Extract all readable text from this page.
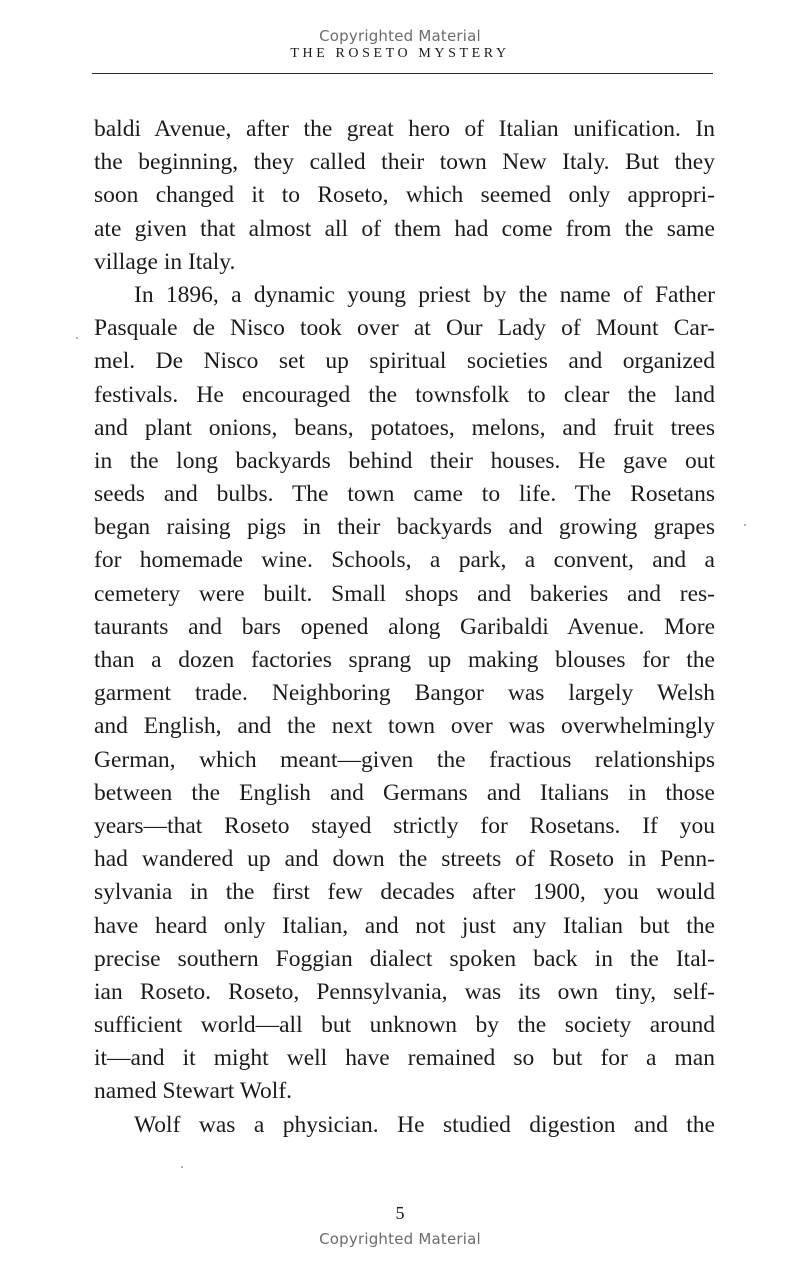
Copyrighted Material
THE ROSETO MYSTERY
baldi Avenue, after the great hero of Italian unification. In
the beginning, they called their town New Italy. But they
soon changed it to Roseto, which seemed only appropri-
ate given that almost all of them had come from the same
village in Italy.
In 1896, a dynamic young priest by the name of Father
Pasquale de Nisco took over at Our Lady of Mount Car-
mel. De Nisco set up spiritual societies and organized
festivals. He encouraged the townsfolk to clear the land
and plant onions, beans, potatoes, melons, and fruit trees
in the long backyards behind their houses. He gave out
seeds and bulbs. The town came to life. The Rosetans
began raising pigs in their backyards and growing grapes
for homemade wine. Schools, a park, a convent, and a
cemetery were built. Small shops and bakeries and res-
taurants and bars opened along Garibaldi Avenue. More
than a dozen factories sprang up making blouses for the
garment trade. Neighboring Bangor was largely Welsh
and English, and the next town over was overwhelmingly
German, which meant—given the fractious relationships
between the English and Germans and Italians in those
years—that Roseto stayed strictly for Rosetans. If you
had wandered up and down the streets of Roseto in Penn-
sylvania in the first few decades after 1900, you would
have heard only Italian, and not just any Italian but the
precise southern Foggian dialect spoken back in the Ital-
ian Roseto. Roseto, Pennsylvania, was its own tiny, self-
sufficient world—all but unknown by the society around
it—and it might well have remained so but for a man
named Stewart Wolf.
Wolf was a physician. He studied digestion and the
5
Copyrighted Material
